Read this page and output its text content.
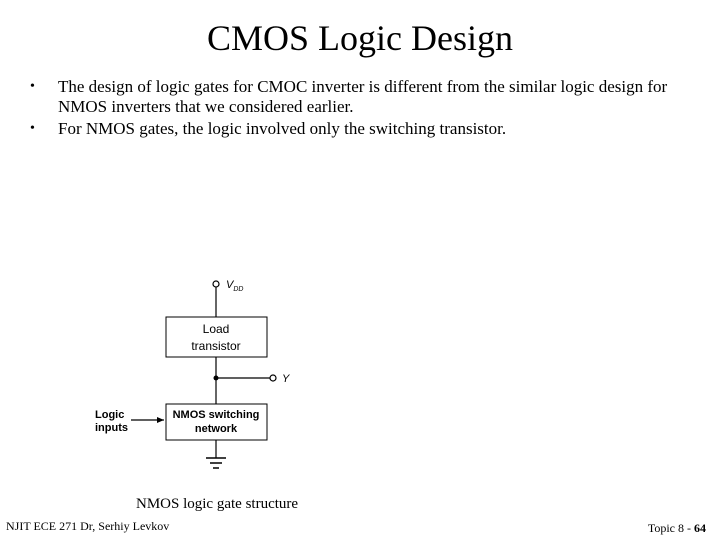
CMOS Logic Design
• The design of logic gates for CMOC inverter is different from the similar logic design for NMOS inverters that we considered earlier.
• For NMOS gates, the logic involved only the switching transistor.
$V_{DD}$
Load
transistor
Y
NMOS switching
network
Logic
inputs
NMOS logic gate structure
NJIT ECE 271 Dr, Serhiy Levkov	Topic 8 - 64
